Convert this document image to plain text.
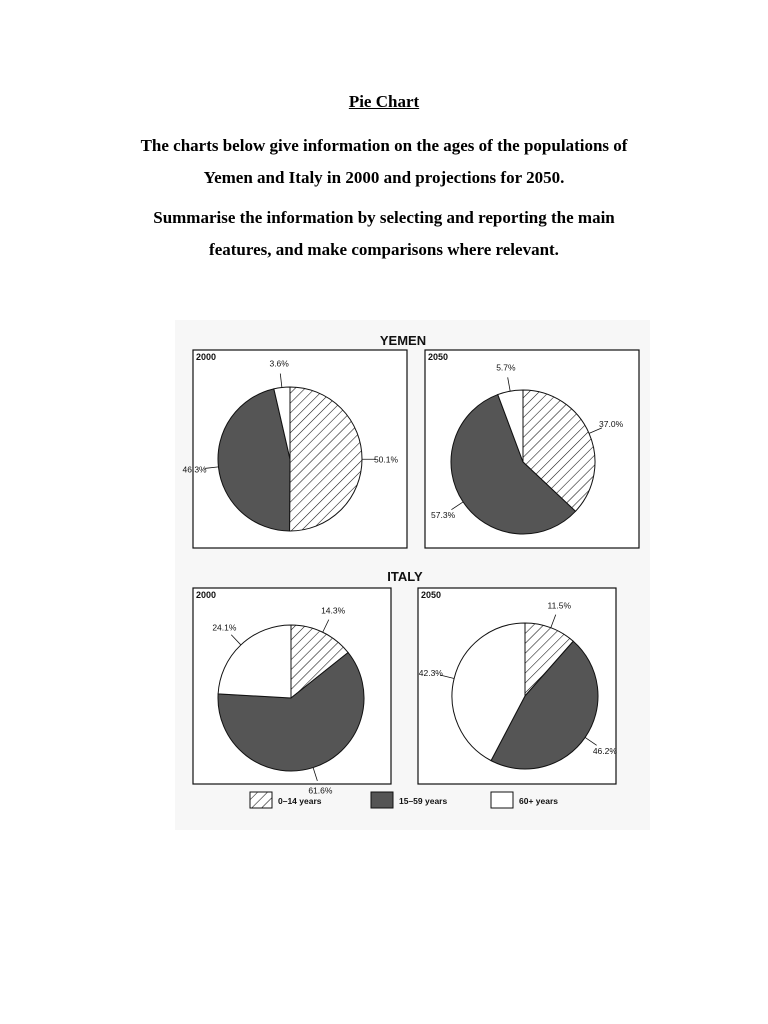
Pie Chart
The charts below give information on the ages of the populations of
Yemen and Italy in 2000 and projections for 2050.
Summarise the information by selecting and reporting the main
features, and make comparisons where relevant.
YEMEN
ITALY
2000
50.1%
46.3%
3.6%
2050
37.0%
57.3%
5.7%
2000
14.3%
61.6%
24.1%
2050
11.5%
46.2%
42.3%
0–14 years	15–59 years	60+ years
